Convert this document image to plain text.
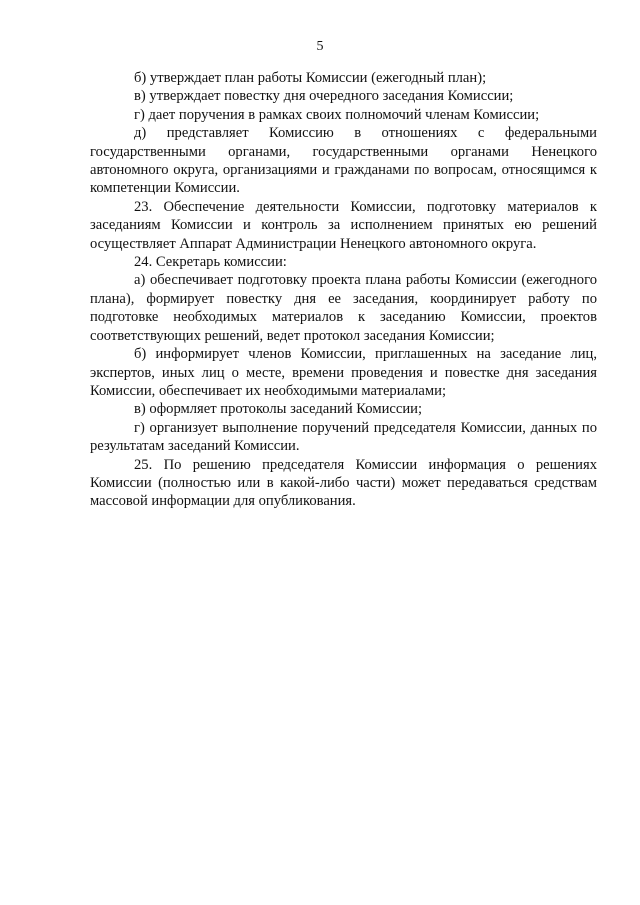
5

б) утверждает план работы Комиссии (ежегодный план);

в) утверждает повестку дня очередного заседания Комиссии;

г) дает поручения в рамках своих полномочий членам Комиссии;

д) представляет Комиссию в отношениях с федеральными государственными органами, государственными органами Ненецкого автономного округа, организациями и гражданами по вопросам, относящимся к компетенции Комиссии.

23. Обеспечение деятельности Комиссии, подготовку материалов к заседаниям Комиссии и контроль за исполнением принятых ею решений осуществляет Аппарат Администрации Ненецкого автономного округа.

24. Секретарь комиссии:

а) обеспечивает подготовку проекта плана работы Комиссии (ежегодного плана), формирует повестку дня ее заседания, координирует работу по подготовке необходимых материалов к заседанию Комиссии, проектов соответствующих решений, ведет протокол заседания Комиссии;

б) информирует членов Комиссии, приглашенных на заседание лиц, экспертов, иных лиц о месте, времени проведения и повестке дня заседания Комиссии, обеспечивает их необходимыми материалами;

в) оформляет протоколы заседаний Комиссии;

г) организует выполнение поручений председателя Комиссии, данных по результатам заседаний Комиссии.

25. По решению председателя Комиссии информация о решениях Комиссии (полностью или в какой-либо части) может передаваться средствам массовой информации для опубликования.
